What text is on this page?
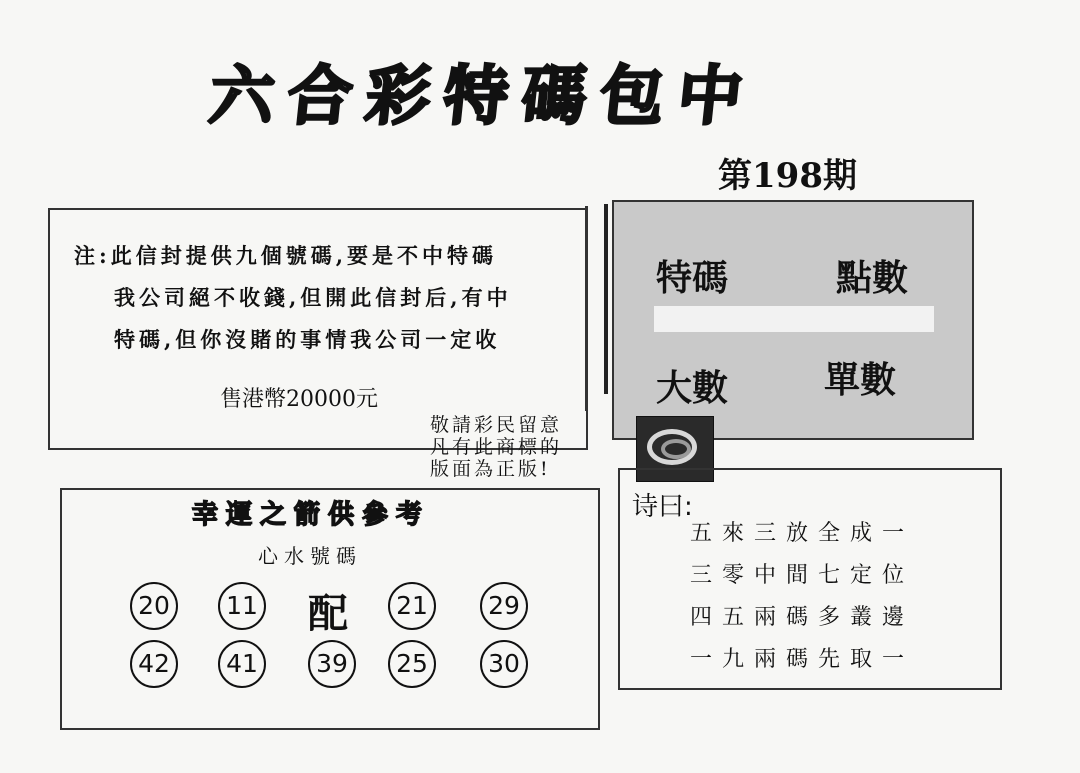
六合彩特碼包中
第198期
注:此信封提供九個號碼,要是不中特碼
我公司絕不收錢,但開此信封后,有中
特碼,但你沒賭的事情我公司一定收
售港幣20000元
特碼	點數
大數	單數
敬請彩民留意
凡有此商標的
版面為正版!
幸運之箭供參考
心水號碼
20	11 配	21	29
42	41	39	25	30
诗曰:
五來三放全成一
三零中間七定位
四五兩碼多叢邊
一九兩碼先取一
